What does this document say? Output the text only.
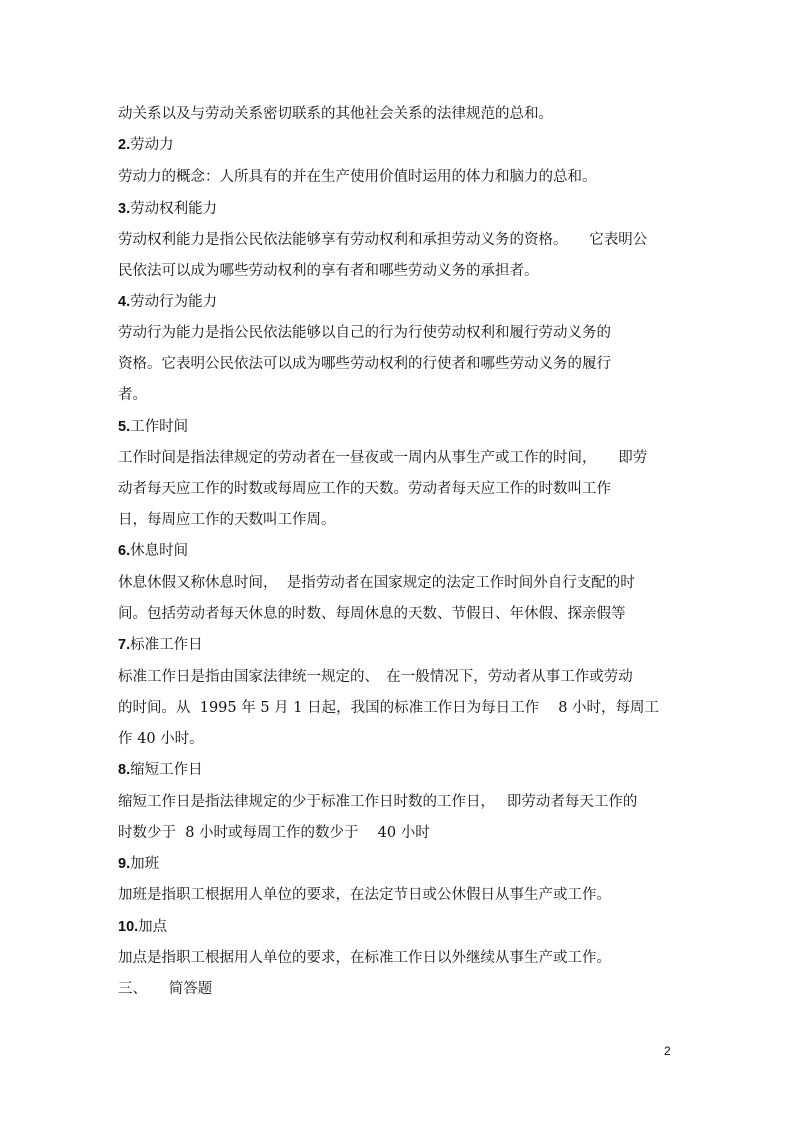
动关系以及与劳动关系密切联系的其他社会关系的法律规范的总和。
2.劳动力
劳动力的概念：人所具有的并在生产使用价值时运用的体力和脑力的总和。
3.劳动权利能力
劳动权利能力是指公民依法能够享有劳动权利和承担劳动义务的资格。　　它表明公
民依法可以成为哪些劳动权利的享有者和哪些劳动义务的承担者。
4.劳动行为能力
劳动行为能力是指公民依法能够以自己的行为行使劳动权利和履行劳动义务的
资格。它表明公民依法可以成为哪些劳动权利的行使者和哪些劳动义务的履行
者。
5.工作时间
工作时间是指法律规定的劳动者在一昼夜或一周内从事生产或工作的时间，　　即劳
动者每天应工作的时数或每周应工作的天数。劳动者每天应工作的时数叫工作
日，每周应工作的天数叫工作周。
6.休息时间
休息休假又称休息时间，  是指劳动者在国家规定的法定工作时间外自行支配的时
间。包括劳动者每天休息的时数、每周休息的天数、节假日、年休假、探亲假等
7.标准工作日
标准工作日是指由国家法律统一规定的、　在一般情况下，劳动者从事工作或劳动
的时间。从  1995 年 5 月 1 日起，我国的标准工作日为每日工作　 8 小时，每周工
作 40 小时。
8.缩短工作日
缩短工作日是指法律规定的少于标准工作日时数的工作日，　 即劳动者每天工作的
时数少于  8 小时或每周工作的数少于　 40 小时
9.加班
加班是指职工根据用人单位的要求，在法定节日或公休假日从事生产或工作。
10.加点
加点是指职工根据用人单位的要求，在标准工作日以外继续从事生产或工作。
三、　　简答题
2
